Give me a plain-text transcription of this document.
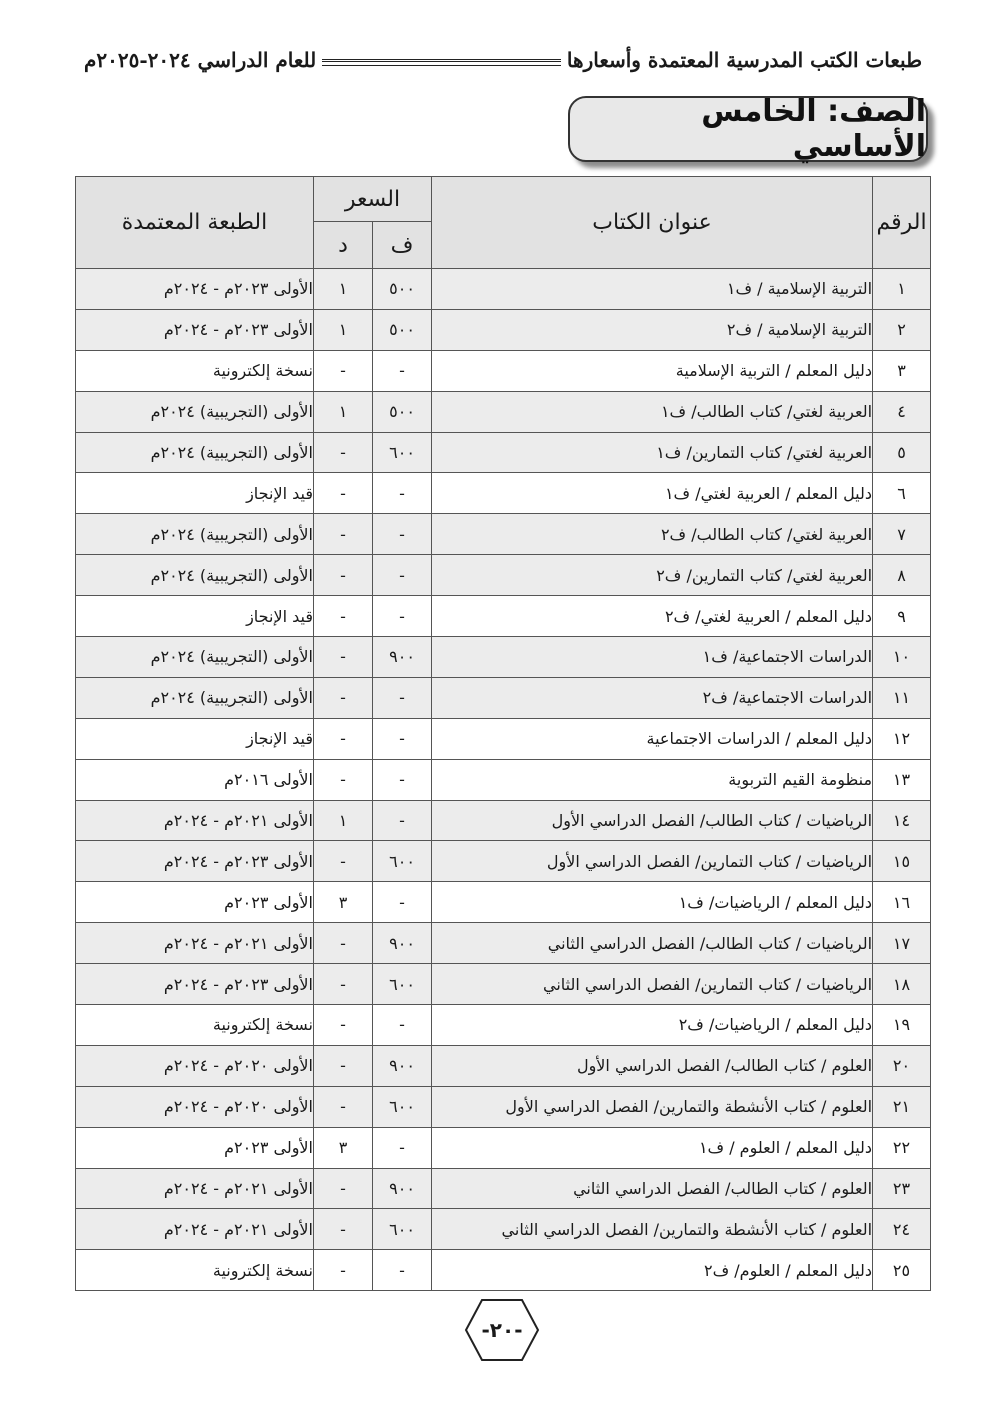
طبعات الكتب المدرسية المعتمدة وأسعارها
للعام الدراسي ٢٠٢٤-٢٠٢٥م
الصف: الخامس الأساسي
الرقم	عنوان الكتاب	السعر		الطبعة المعتمدة
		ف	د	
١	التربية الإسلامية / ف١	٥٠٠	١	الأولى ٢٠٢٣م - ٢٠٢٤م
٢	التربية الإسلامية / ف٢	٥٠٠	١	الأولى ٢٠٢٣م - ٢٠٢٤م
٣	دليل المعلم / التربية الإسلامية	-	-	نسخة إلكترونية
٤	العربية لغتي/ كتاب الطالب/ ف١	٥٠٠	١	الأولى (التجريبية) ٢٠٢٤م
٥	العربية لغتي/ كتاب التمارين/ ف١	٦٠٠	-	الأولى (التجريبية) ٢٠٢٤م
٦	دليل المعلم / العربية لغتي/ ف١	-	-	قيد الإنجاز
٧	العربية لغتي/ كتاب الطالب/ ف٢	-	-	الأولى (التجريبية) ٢٠٢٤م
٨	العربية لغتي/ كتاب التمارين/ ف٢	-	-	الأولى (التجريبية) ٢٠٢٤م
٩	دليل المعلم / العربية لغتي/ ف٢	-	-	قيد الإنجاز
١٠	الدراسات الاجتماعية/ ف١	٩٠٠	-	الأولى (التجريبية) ٢٠٢٤م
١١	الدراسات الاجتماعية/ ف٢	-	-	الأولى (التجريبية) ٢٠٢٤م
١٢	دليل المعلم / الدراسات الاجتماعية	-	-	قيد الإنجاز
١٣	منظومة القيم التربوية	-	-	الأولى ٢٠١٦م
١٤	الرياضيات / كتاب الطالب/ الفصل الدراسي الأول	-	١	الأولى ٢٠٢١م - ٢٠٢٤م
١٥	الرياضيات / كتاب التمارين/ الفصل الدراسي الأول	٦٠٠	-	الأولى ٢٠٢٣م - ٢٠٢٤م
١٦	دليل المعلم / الرياضيات/ ف١	-	٣	الأولى ٢٠٢٣م
١٧	الرياضيات / كتاب الطالب/ الفصل الدراسي الثاني	٩٠٠	-	الأولى ٢٠٢١م - ٢٠٢٤م
١٨	الرياضيات / كتاب التمارين/ الفصل الدراسي الثاني	٦٠٠	-	الأولى ٢٠٢٣م - ٢٠٢٤م
١٩	دليل المعلم / الرياضيات/ ف٢	-	-	نسخة إلكترونية
٢٠	العلوم / كتاب الطالب/ الفصل الدراسي الأول	٩٠٠	-	الأولى ٢٠٢٠م - ٢٠٢٤م
٢١	العلوم / كتاب الأنشطة والتمارين/ الفصل الدراسي الأول	٦٠٠	-	الأولى ٢٠٢٠م - ٢٠٢٤م
٢٢	دليل المعلم / العلوم / ف١	-	٣	الأولى ٢٠٢٣م
٢٣	العلوم / كتاب الطالب/ الفصل الدراسي الثاني	٩٠٠	-	الأولى ٢٠٢١م - ٢٠٢٤م
٢٤	العلوم / كتاب الأنشطة والتمارين/ الفصل الدراسي الثاني	٦٠٠	-	الأولى ٢٠٢١م - ٢٠٢٤م
٢٥	دليل المعلم / العلوم/ ف٢	-	-	نسخة إلكترونية
-٢٠-
